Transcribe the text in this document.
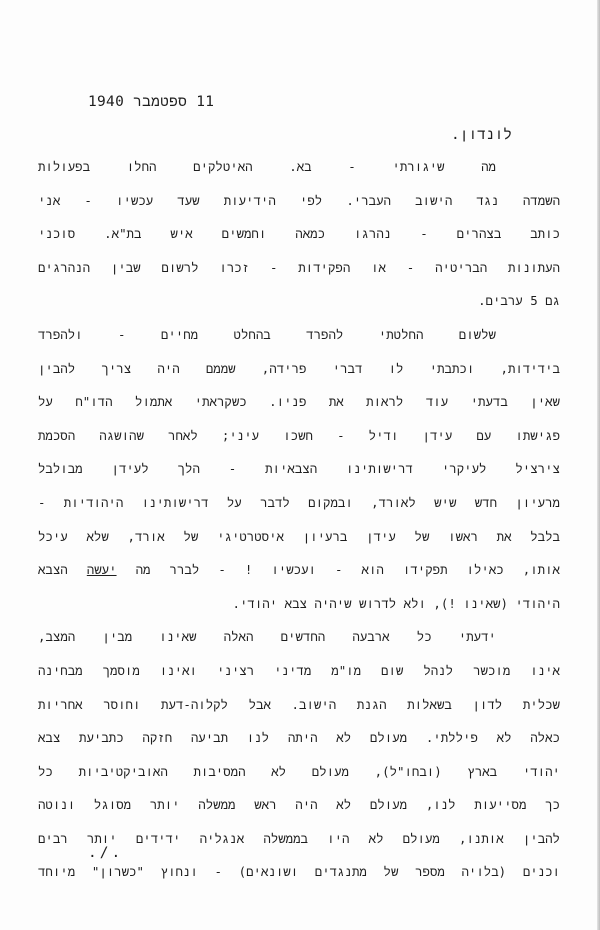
11 ספטמבר 1940
לונדון.
מה שיגורתי - בא. האיטלקים החלו בפעולות
השמדה נגד הישוב העברי. לפי הידיעות שעד עכשיו - אני
כותב בצהרים - נהרגו כמאה וחמשים איש בת"א. סוכני
העתונות הבריטיה - או הפקידות - זכרו לרשום שבין הנהרגים
גם 5 ערבים.
שלשום החלטתי להפרד בהחלט מחיים - ולהפרד
בידידות, וכתבתי לו דברי פרידה, שממם היה צריך להבין
שאין בדעתי עוד לראות את פניו. כשקראתי אתמול הדו"ח על
פגישתו עם עידן ודיל - חשכו עיני; לאחר שהושגה הסכמת
צירציל לעיקרי דרישותינו הצבאיות - הלך לעידן מבולבל
מרעיון חדש שיש לאורד, ובמקום לדבר על דרישותינו היהודיות -
בלבל את ראשו של עידן ברעיון איסטרטיגי של אורד, שלא עיכל
אותו, כאילו תפקידו הוא - ועכשיו ! - לברר מה יעשה הצבא
היהודי (שאינו !), ולא לדרוש שיהיה צבא יהודי.
ידעתי כל ארבעה החדשים האלה שאינו מבין המצב,
אינו מוכשר לנהל שום מו"מ מדיני רציני ואינו מוסמך מבחינה
שכלית לדון בשאלות הגנת הישוב. אבל לקלוה-דעת וחוסר אחריות
כאלה לא פיללתי. מעולם לא היתה לנו תביעה חזקה כתביעת צבא
יהודי בארץ (ובחו"ל), מעולם לא המסיבות האוביקטיביות כל
כך מסייעות לנו, מעולם לא היה ראש ממשלה יותר מסוגל ונוטה
להבין אותנו, מעולם לא היו בממשלה אנגליה ידידים יותר רבים
וכנים (בלויה מספר של מתנגדים ושונאים) - ונחוץ "כשרון" מיוחד
./.
